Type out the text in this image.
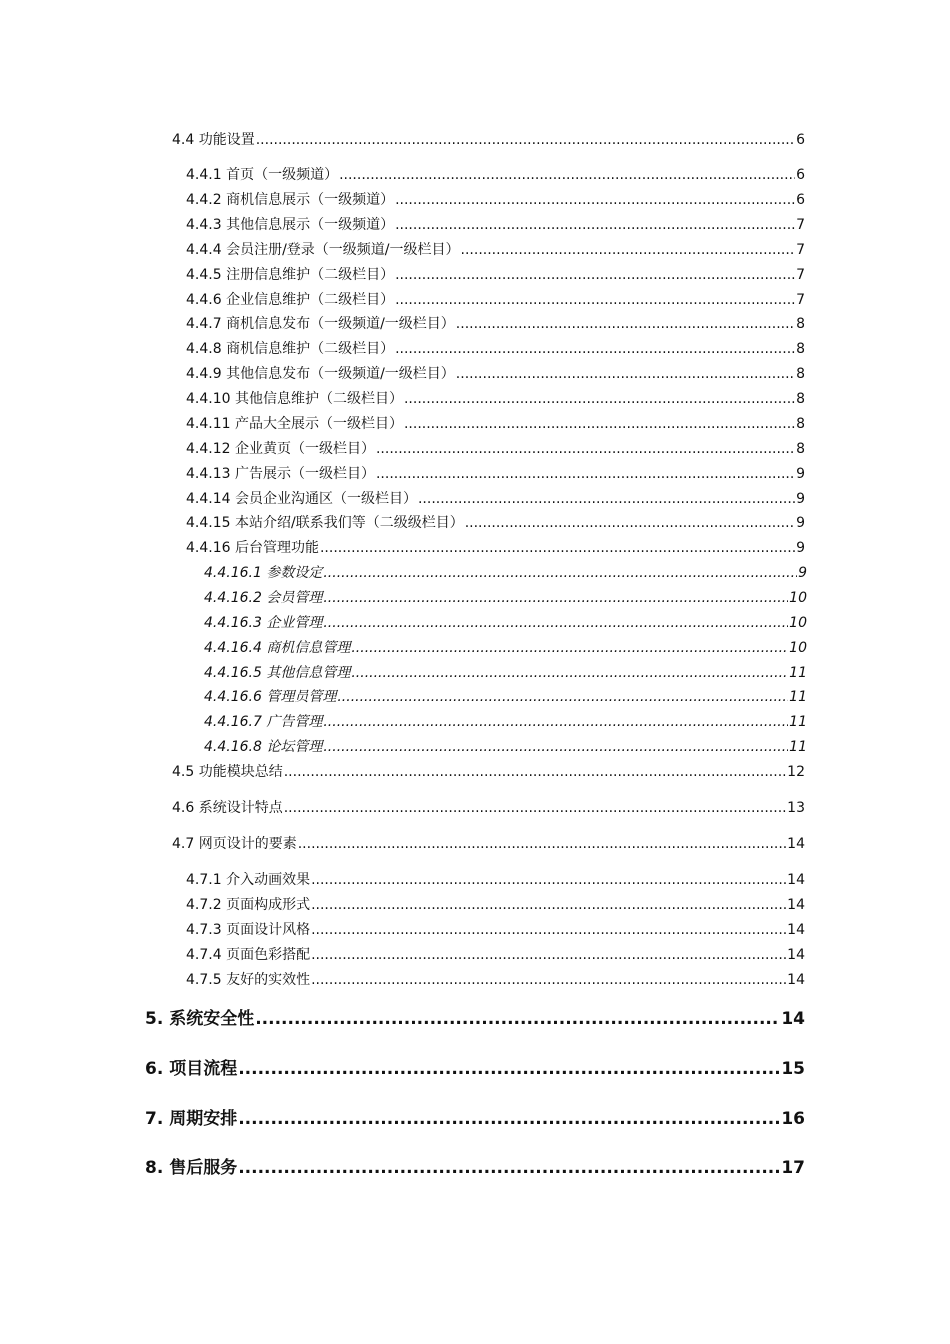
4.4 功能设置 .....	6
4.4.1 首页（一级频道） .....	6
4.4.2 商机信息展示（一级频道） .....	6
4.4.3 其他信息展示（一级频道） .....	7
4.4.4 会员注册/登录（一级频道/一级栏目） .....	7
4.4.5 注册信息维护（二级栏目） .....	7
4.4.6 企业信息维护（二级栏目） .....	7
4.4.7 商机信息发布（一级频道/一级栏目） .....	8
4.4.8 商机信息维护（二级栏目） .....	8
4.4.9 其他信息发布（一级频道/一级栏目） .....	8
4.4.10 其他信息维护（二级栏目） .....	8
4.4.11 产品大全展示（一级栏目） .....	8
4.4.12 企业黄页（一级栏目） .....	8
4.4.13 广告展示（一级栏目） .....	9
4.4.14 会员企业沟通区（一级栏目） .....	9
4.4.15 本站介绍/联系我们等（二级级栏目） .....	9
4.4.16 后台管理功能 .....	9
4.4.16.1 参数设定 .....	9
4.4.16.2 会员管理 .....	10
4.4.16.3 企业管理 .....	10
4.4.16.4 商机信息管理 .....	10
4.4.16.5 其他信息管理 .....	11
4.4.16.6 管理员管理 .....	11
4.4.16.7 广告管理 .....	11
4.4.16.8 论坛管理 .....	11
4.5 功能模块总结 .....	12
4.6 系统设计特点 .....	13
4.7 网页设计的要素 .....	14
4.7.1 介入动画效果 .....	14
4.7.2 页面构成形式 .....	14
4.7.3 页面设计风格 .....	14
4.7.4 页面色彩搭配 .....	14
4.7.5 友好的实效性 .....	14
5. 系统安全性 .....	14
6. 项目流程 .....	15
7. 周期安排 .....	16
8. 售后服务 .....	17
